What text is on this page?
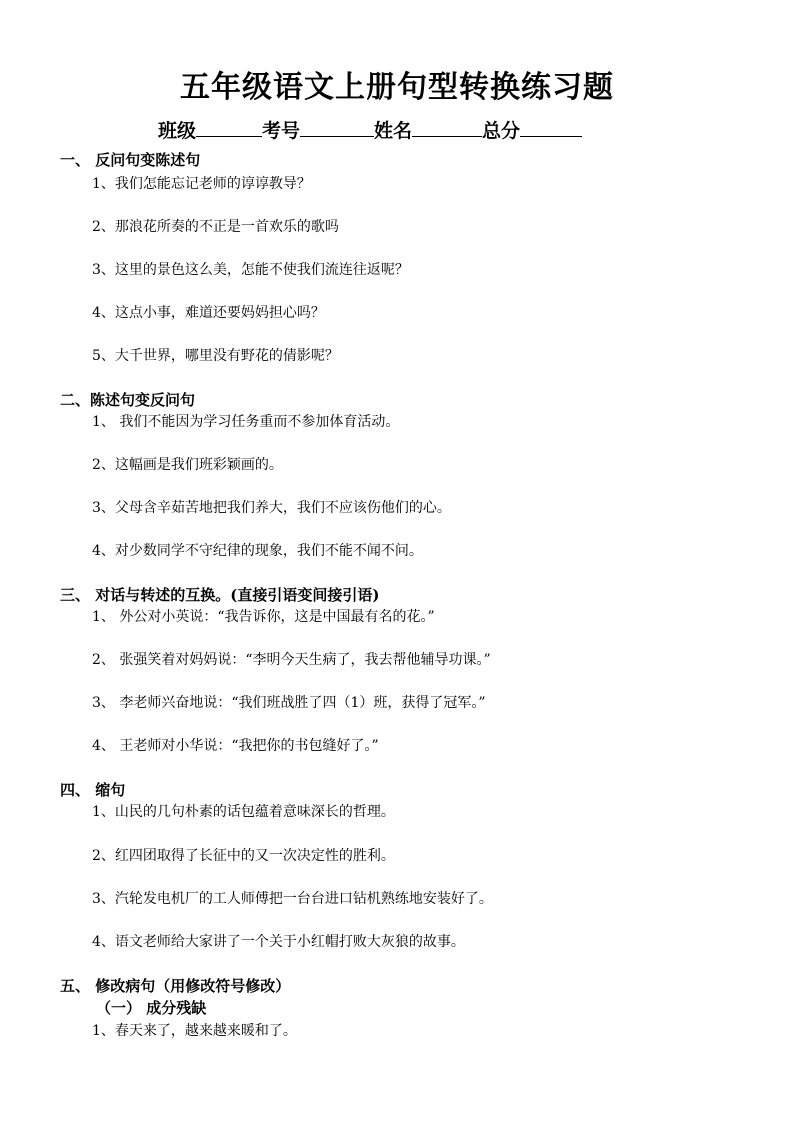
五年级语文上册句型转换练习题
班级	考号	姓名	总分
一、 反问句变陈述句
1、我们怎能忘记老师的谆谆教导？
2、那浪花所奏的不正是一首欢乐的歌吗
3、这里的景色这么美，怎能不使我们流连往返呢？
4、这点小事，难道还要妈妈担心吗？
5、大千世界，哪里没有野花的倩影呢？
二、陈述句变反问句
1、 我们不能因为学习任务重而不参加体育活动。
2、这幅画是我们班彩颖画的。
3、父母含辛茹苦地把我们养大，我们不应该伤他们的心。
4、对少数同学不守纪律的现象，我们不能不闻不问。
三、 对话与转述的互换。(直接引语变间接引语)
1、 外公对小英说：“我告诉你，这是中国最有名的花。”
2、 张强笑着对妈妈说：“李明今天生病了，我去帮他辅导功课。”
3、 李老师兴奋地说：“我们班战胜了四（1）班，获得了冠军。”
4、 王老师对小华说：“我把你的书包缝好了。”
四、 缩句
1、山民的几句朴素的话包蕴着意味深长的哲理。
2、红四团取得了长征中的又一次决定性的胜利。
3、汽轮发电机厂的工人师傅把一台台进口钻机熟练地安装好了。
4、语文老师给大家讲了一个关于小红帽打败大灰狼的故事。
五、 修改病句（用修改符号修改）
（一） 成分残缺
1、春天来了，越来越来暖和了。
